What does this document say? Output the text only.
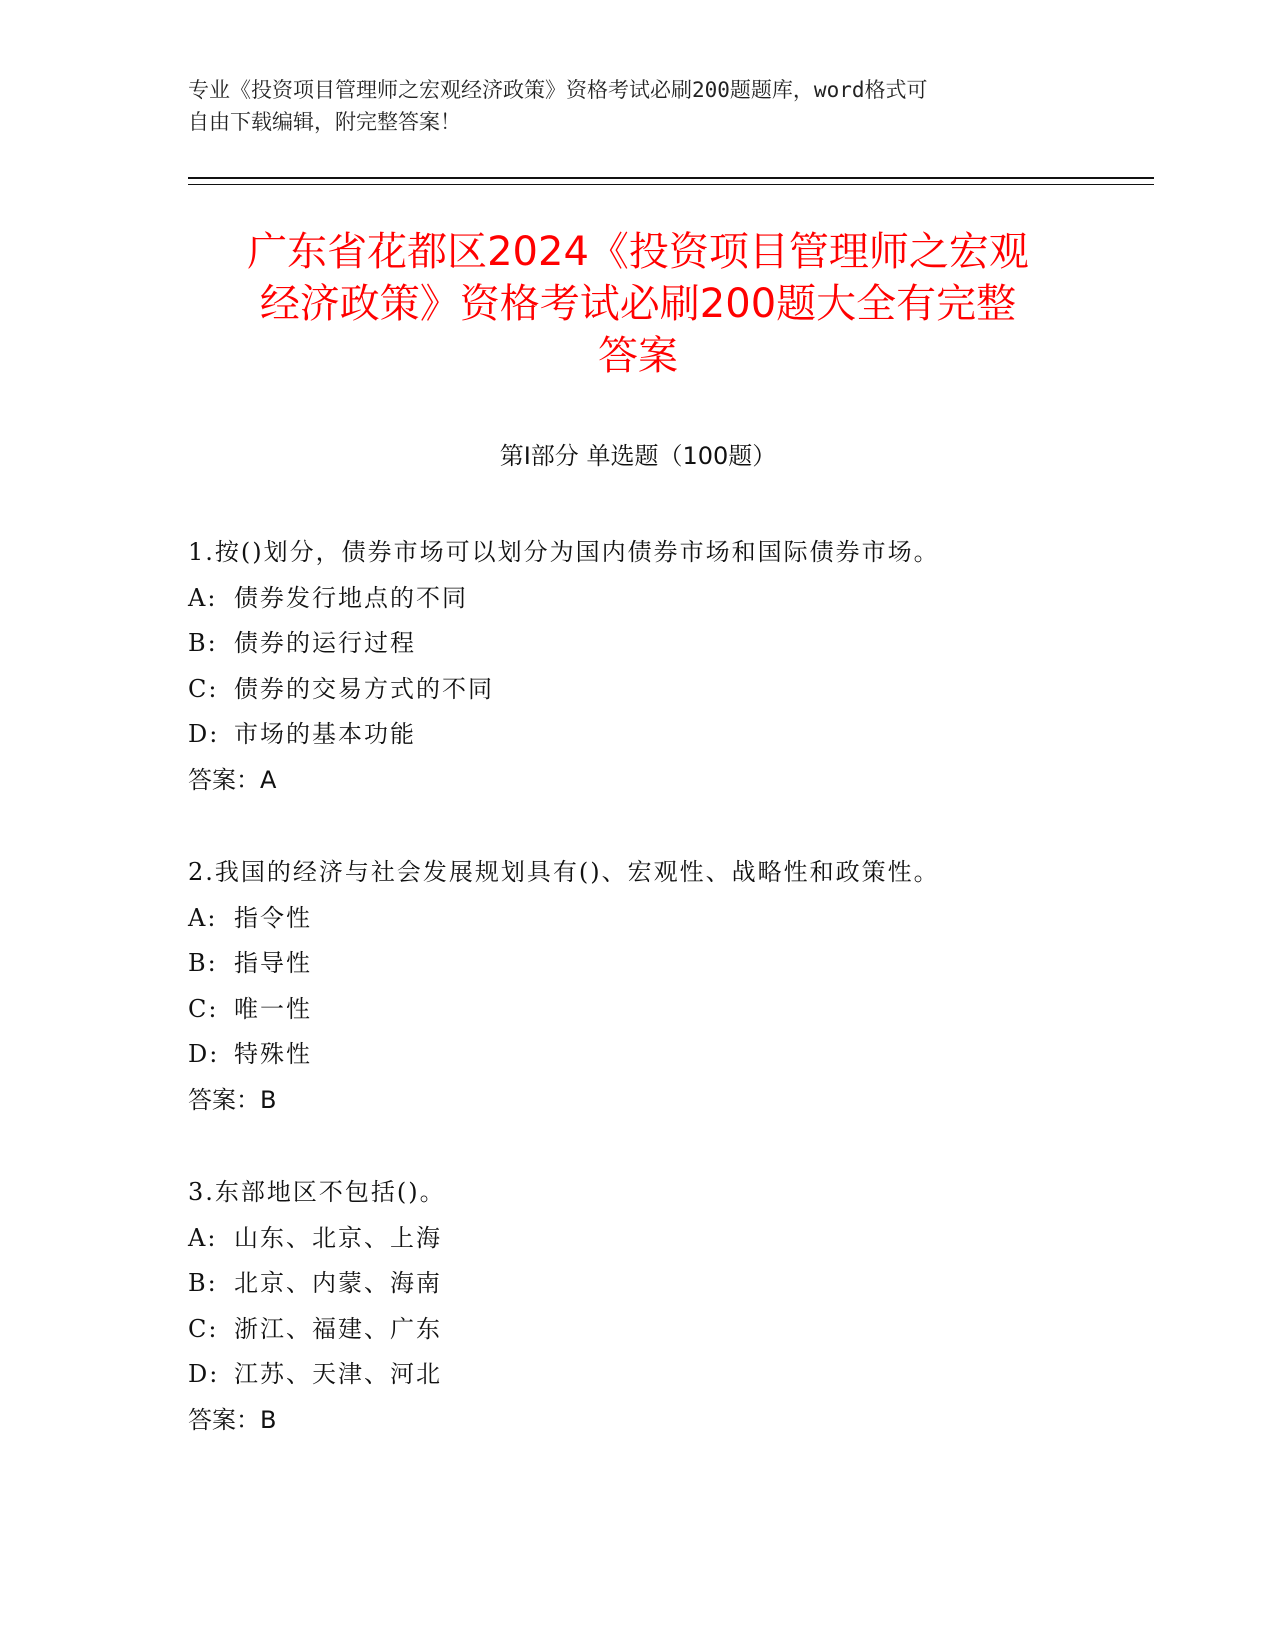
专业《投资项目管理师之宏观经济政策》资格考试必刷200题题库，word格式可
自由下载编辑，附完整答案！
广东省花都区2024《投资项目管理师之宏观
经济政策》资格考试必刷200题大全有完整
答案
第Ⅰ部分 单选题（100题）
1.按()划分，债券市场可以划分为国内债券市场和国际债券市场。
A: 债券发行地点的不同
B: 债券的运行过程
C: 债券的交易方式的不同
D: 市场的基本功能
答案：A
2.我国的经济与社会发展规划具有()、宏观性、战略性和政策性。
A: 指令性
B: 指导性
C: 唯一性
D: 特殊性
答案：B
3.东部地区不包括()。
A: 山东、北京、上海
B: 北京、内蒙、海南
C: 浙江、福建、广东
D: 江苏、天津、河北
答案：B
